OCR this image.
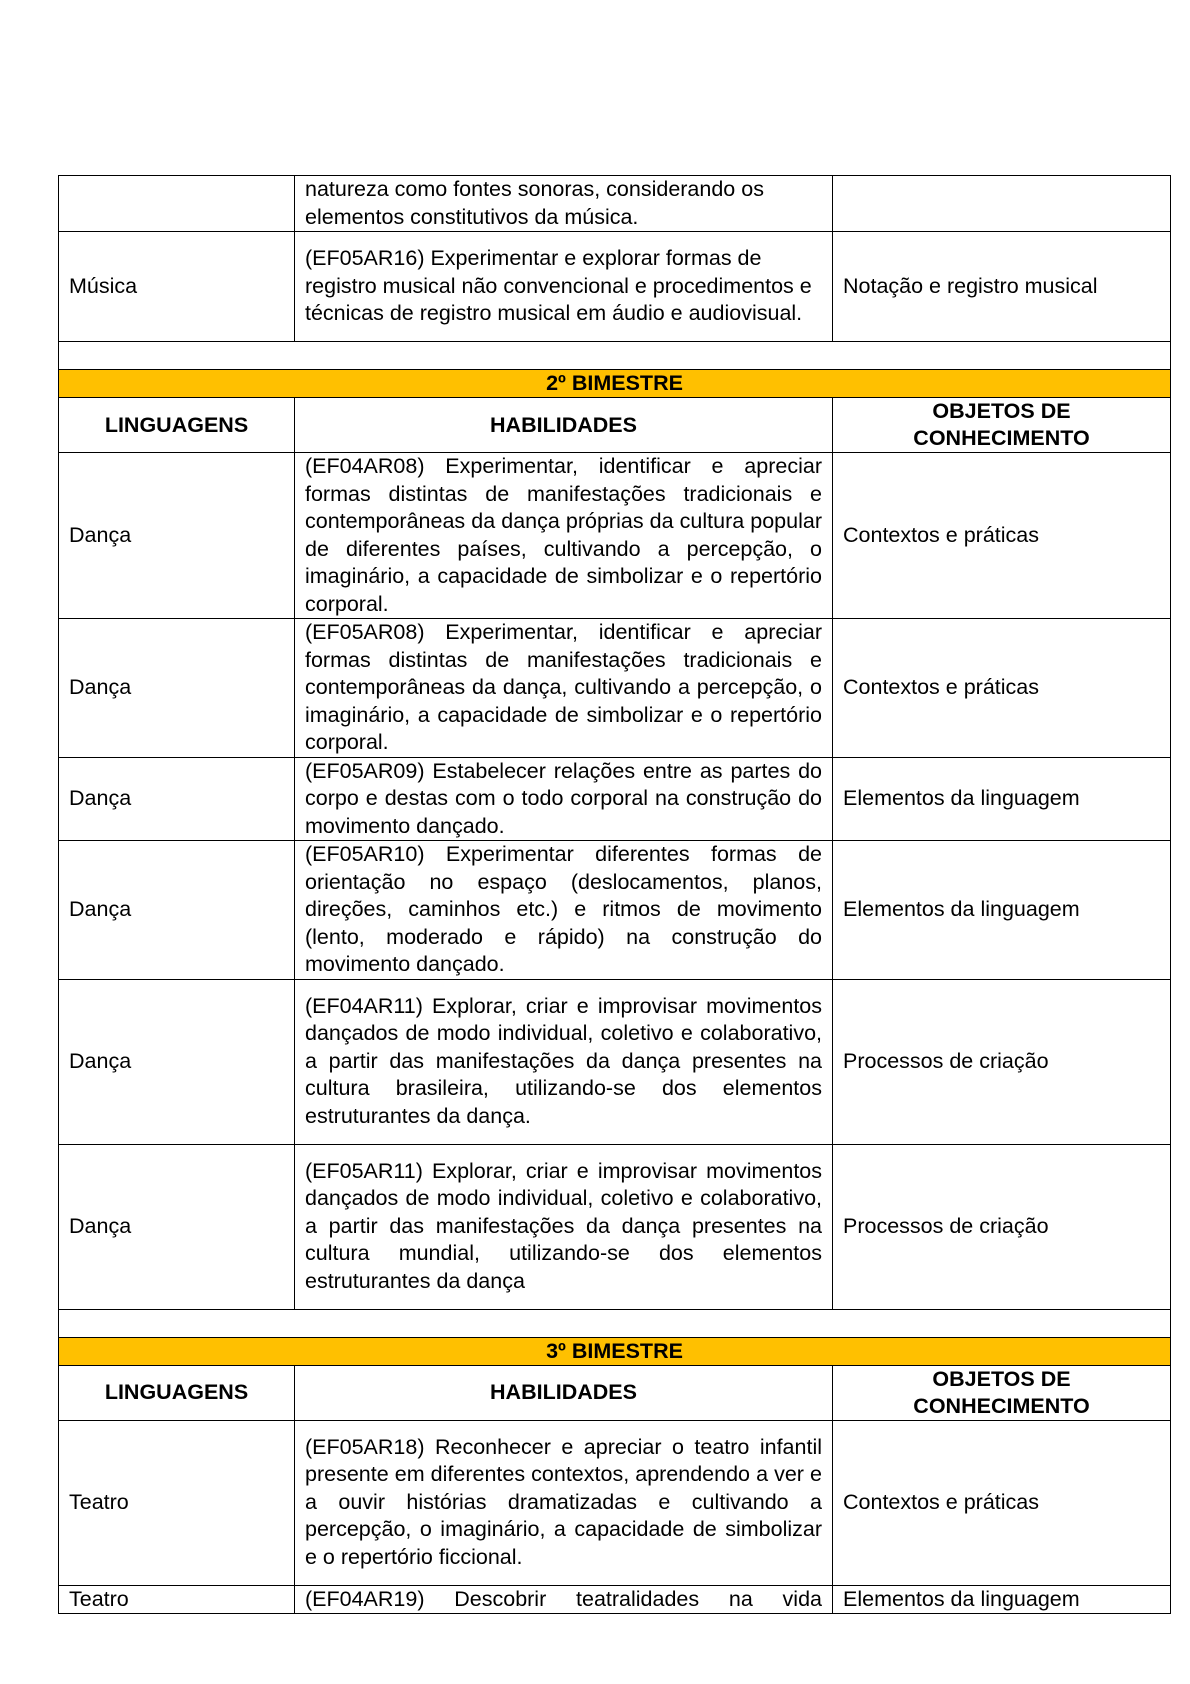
	natureza como fontes sonoras, considerando os elementos constitutivos da música.	
Música	(EF05AR16) Experimentar e explorar formas de registro musical não convencional e procedimentos e técnicas de registro musical em áudio e audiovisual.	Notação e registro musical

2º BIMESTRE		
LINGUAGENS	HABILIDADES	OBJETOS DE CONHECIMENTO
Dança	(EF04AR08) Experimentar, identificar e apreciar formas distintas de manifestações tradicionais e contemporâneas da dança próprias da cultura popular de diferentes países, cultivando a percepção, o imaginário, a capacidade de simbolizar e o repertório corporal.	Contextos e práticas
Dança	(EF05AR08) Experimentar, identificar e apreciar formas distintas de manifestações tradicionais e contemporâneas da dança, cultivando a percepção, o imaginário, a capacidade de simbolizar e o repertório corporal.	Contextos e práticas
Dança	(EF05AR09) Estabelecer relações entre as partes do corpo e destas com o todo corporal na construção do movimento dançado.	Elementos da linguagem
Dança	(EF05AR10) Experimentar diferentes formas de orientação no espaço (deslocamentos, planos, direções, caminhos etc.) e ritmos de movimento (lento, moderado e rápido) na construção do movimento dançado.	Elementos da linguagem
Dança	(EF04AR11) Explorar, criar e improvisar movimentos dançados de modo individual, coletivo e colaborativo, a partir das manifestações da dança presentes na cultura brasileira, utilizando-se dos elementos estruturantes da dança.	Processos de criação
Dança	(EF05AR11) Explorar, criar e improvisar movimentos dançados de modo individual, coletivo e colaborativo, a partir das manifestações da dança presentes na cultura mundial, utilizando-se dos elementos estruturantes da dança	Processos de criação

3º BIMESTRE		
LINGUAGENS	HABILIDADES	OBJETOS DE CONHECIMENTO
Teatro	(EF05AR18) Reconhecer e apreciar o teatro infantil presente em diferentes contextos, aprendendo a ver e a ouvir histórias dramatizadas e cultivando a percepção, o imaginário, a capacidade de simbolizar e o repertório ficcional.	Contextos e práticas
Teatro	(EF04AR19) Descobrir teatralidades na vida	Elementos da linguagem
